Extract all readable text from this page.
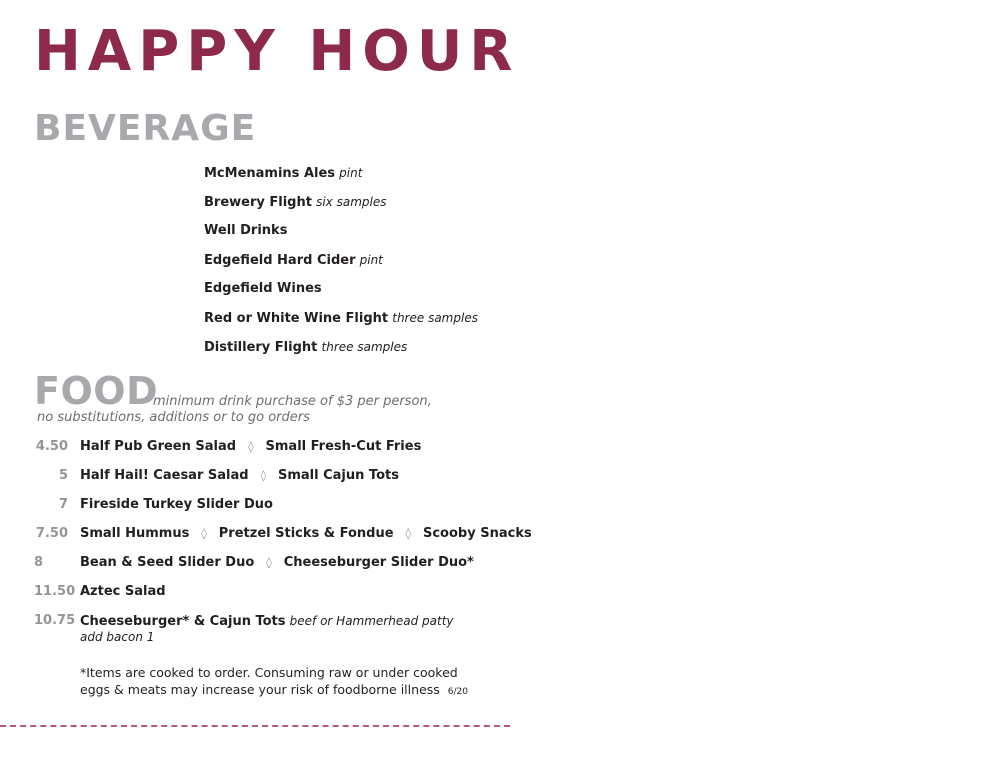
HAPPY HOUR
BEVERAGE
McMenamins Ales pint
Brewery Flight six samples
Well Drinks
Edgefield Hard Cider pint
Edgefield Wines
Red or White Wine Flight three samples
Distillery Flight three samples
FOOD
minimum drink purchase of $3 per person,
no substitutions, additions or to go orders
4.50 Half Pub Green Salad ◊ Small Fresh-Cut Fries
5 Half Hail! Caesar Salad ◊ Small Cajun Tots
7 Fireside Turkey Slider Duo
7.50 Small Hummus ◊ Pretzel Sticks & Fondue ◊ Scooby Snacks
8	Bean & Seed Slider Duo ◊ Cheeseburger Slider Duo*
11.50 Aztec Salad
10.75 Cheeseburger* & Cajun Tots beef or Hammerhead patty
add bacon 1
*Items are cooked to order. Consuming raw or under cooked
eggs & meats may increase your risk of foodborne illness 6/20
